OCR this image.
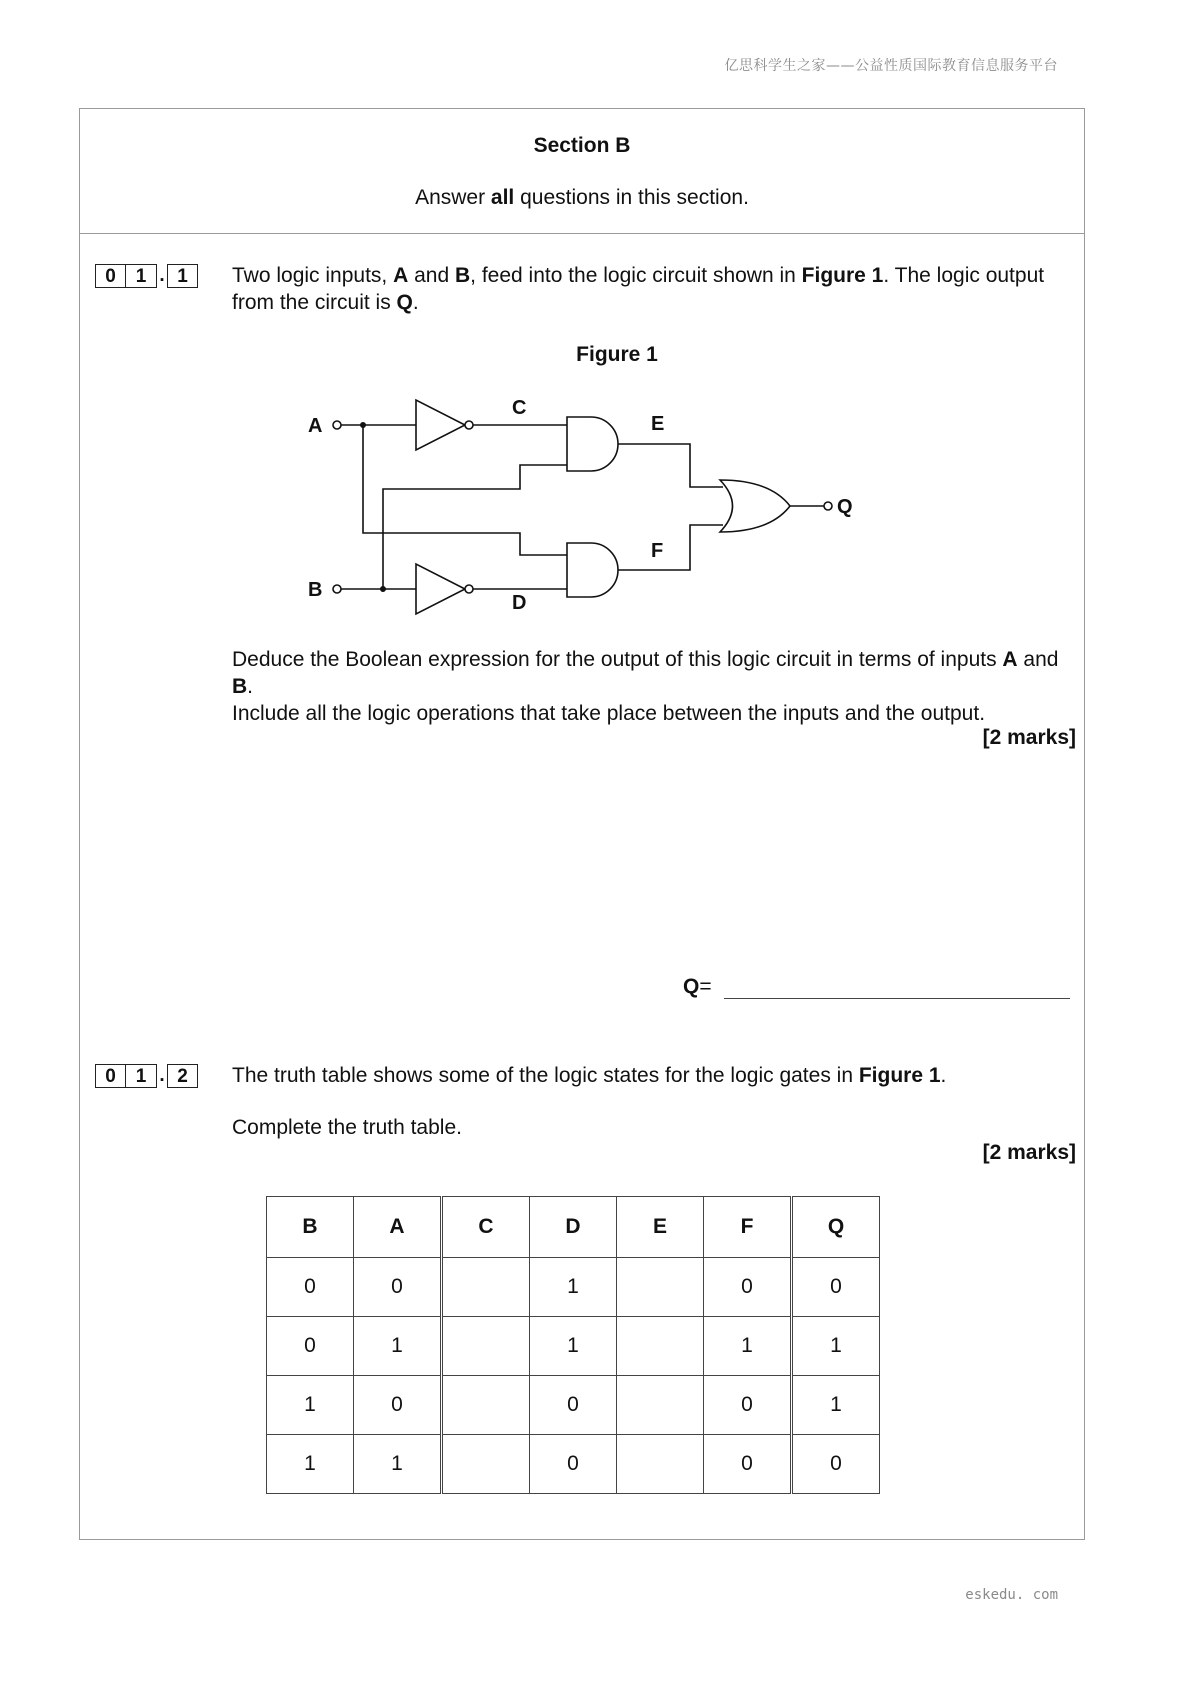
亿思科学生之家——公益性质国际教育信息服务平台
Section B
Answer all questions in this section.
0	1 . 1	Two logic inputs, A and B, feed into the logic circuit shown in Figure 1. The logic output from the circuit is Q.
Figure 1
A
B
C
D
E
F
Q
Deduce the Boolean expression for the output of this logic circuit in terms of inputs A and B.
Include all the logic operations that take place between the inputs and the output.
[2 marks]
Q =
0	1 . 2	The truth table shows some of the logic states for the logic gates in Figure 1.
Complete the truth table.
[2 marks]
B	A	C	D	E	F	Q
0	0		1		0	0
0	1		1		1	1
1	0		0		0	1
1	1		0		0	0
eskedu. com
